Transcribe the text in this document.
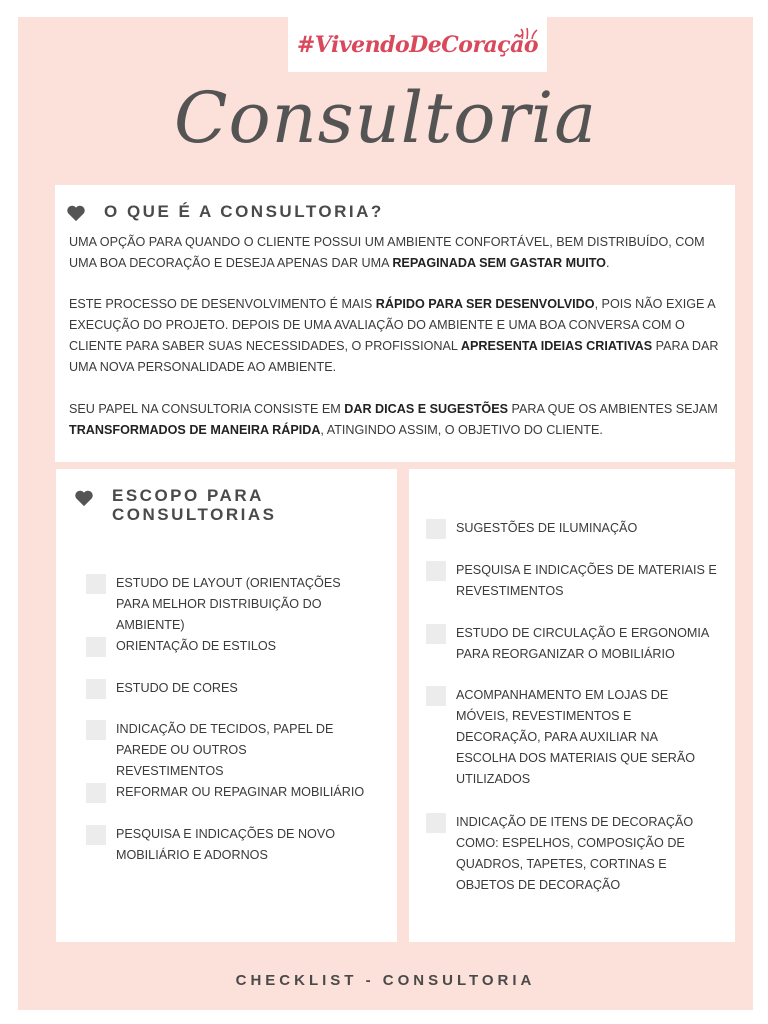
#VivendoDeCoração
Consultoria
O QUE É A CONSULTORIA?
UMA OPÇÃO PARA QUANDO O CLIENTE POSSUI UM AMBIENTE CONFORTÁVEL, BEM DISTRIBUÍDO, COM UMA BOA DECORAÇÃO E DESEJA APENAS DAR UMA REPAGINADA SEM GASTAR MUITO.
ESTE PROCESSO DE DESENVOLVIMENTO É MAIS RÁPIDO PARA SER DESENVOLVIDO, POIS NÃO EXIGE A EXECUÇÃO DO PROJETO. DEPOIS DE UMA AVALIAÇÃO DO AMBIENTE E UMA BOA CONVERSA COM O CLIENTE PARA SABER SUAS NECESSIDADES, O PROFISSIONAL APRESENTA IDEIAS CRIATIVAS PARA DAR UMA NOVA PERSONALIDADE AO AMBIENTE.
SEU PAPEL NA CONSULTORIA CONSISTE EM DAR DICAS E SUGESTÕES PARA QUE OS AMBIENTES SEJAM TRANSFORMADOS DE MANEIRA RÁPIDA, ATINGINDO ASSIM, O OBJETIVO DO CLIENTE.
ESCOPO PARA
CONSULTORIAS
ESTUDO DE LAYOUT (ORIENTAÇÕES PARA MELHOR DISTRIBUIÇÃO DO AMBIENTE)
ORIENTAÇÃO DE ESTILOS
ESTUDO DE CORES
INDICAÇÃO DE TECIDOS, PAPEL DE PAREDE OU OUTROS REVESTIMENTOS
REFORMAR OU REPAGINAR MOBILIÁRIO
PESQUISA E INDICAÇÕES DE NOVO MOBILIÁRIO E ADORNOS
SUGESTÕES DE ILUMINAÇÃO
PESQUISA E INDICAÇÕES DE MATERIAIS E REVESTIMENTOS
ESTUDO DE CIRCULAÇÃO E ERGONOMIA PARA REORGANIZAR O MOBILIÁRIO
ACOMPANHAMENTO EM LOJAS DE MÓVEIS, REVESTIMENTOS E DECORAÇÃO, PARA AUXILIAR NA ESCOLHA DOS MATERIAIS QUE SERÃO UTILIZADOS
INDICAÇÃO DE ITENS DE DECORAÇÃO COMO: ESPELHOS, COMPOSIÇÃO DE QUADROS, TAPETES, CORTINAS E OBJETOS DE DECORAÇÃO
CHECKLIST - CONSULTORIA
